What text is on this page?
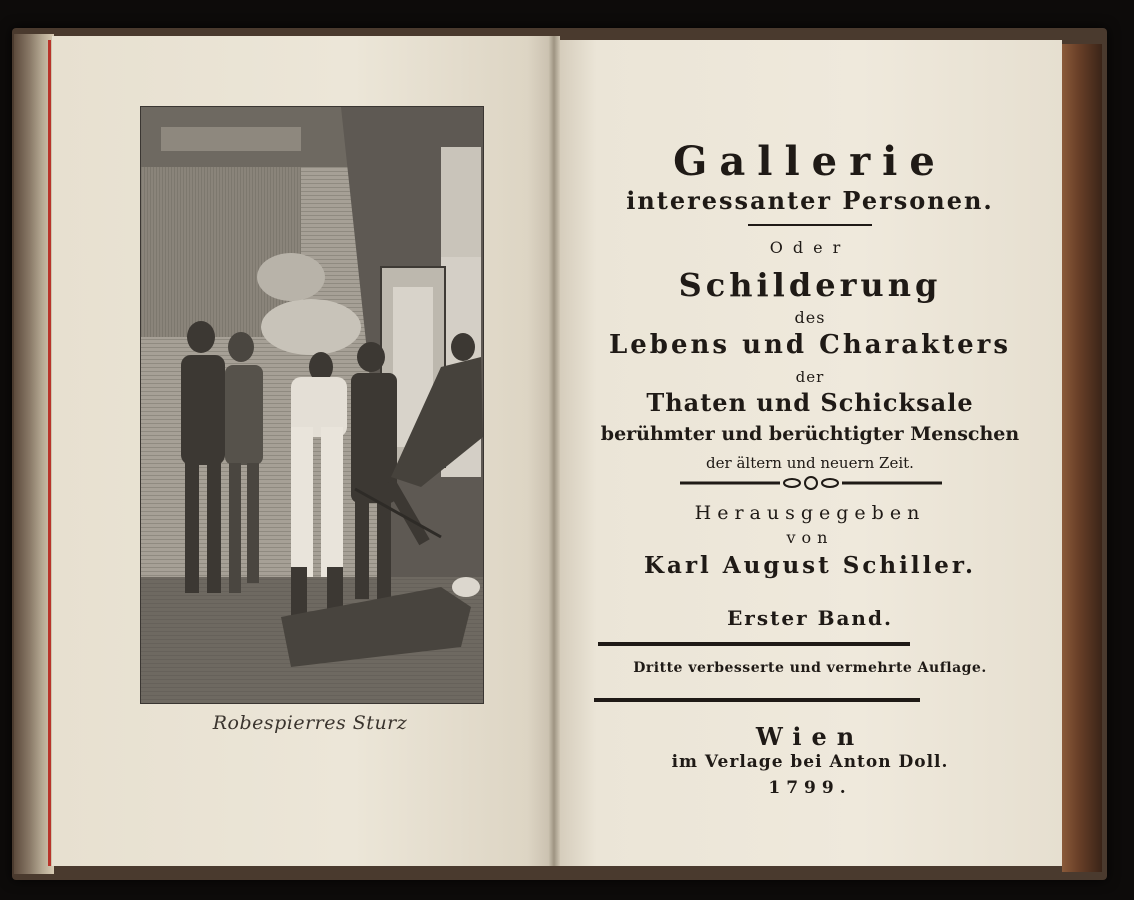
Robespierres Sturz
Gallerie
interessanter Personen.
Oder
Schilderung
des
Lebens und Charakters
der
Thaten und Schicksale
berühmter und berüchtigter Menschen
der ältern und neuern Zeit.
Herausgegeben
von
Karl August Schiller.
Erster Band.
Dritte verbesserte und vermehrte Auflage.
Wien
im Verlage bei Anton Doll.
1799.
